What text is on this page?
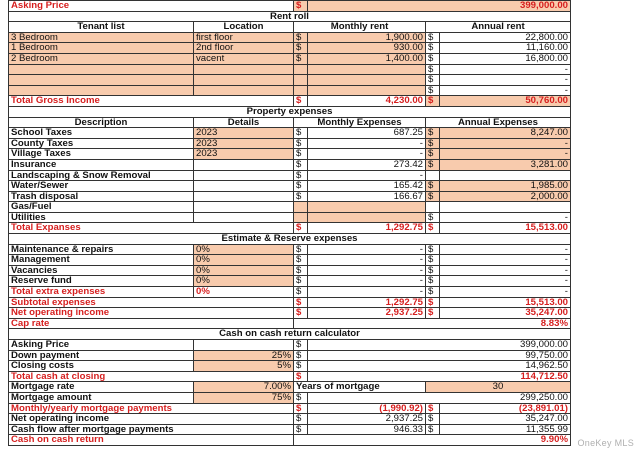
Asking Price		$	399,000.00		
Rent roll					
Tenant list	Location	Monthly rent		Annual rent	
3 Bedroom	first floor	$	1,900.00	$	22,800.00
1 Bedroom	2nd floor	$	930.00	$	11,160.00
2 Bedroom	vacent	$	1,400.00	$	16,800.00
				$	-
				$	-
				$	-
Total Gross Income		$	4,230.00	$	50,760.00
Property expenses					
Description	Details	Monthly Expenses		Annual Expenses	
School Taxes	2023	$	687.25	$	8,247.00
County Taxes	2023	$	-	$	-
Village Taxes	2023	$	-	$	-
Insurance		$	273.42	$	3,281.00
Landscaping & Snow Removal		$	-		
Water/Sewer		$	165.42	$	1,985.00
Trash disposal		$	166.67	$	2,000.00
Gas/Fuel					
Utilities				$	-
Total Expanses		$	1,292.75	$	15,513.00
Estimate & Reserve expenses					
Maintenance & repairs	0%	$	-	$	-
Management	0%	$	-	$	-
Vacancies	0%	$	-	$	-
Reserve fund	0%	$	-	$	-
Total extra expenses	0%	$	-	$	-
Subtotal expenses		$	1,292.75	$	15,513.00
Net operating income		$	2,937.25	$	35,247.00
Cap rate		8.83%			
Cash on cash return calculator					
Asking Price		$	399,000.00		
Down payment	25%	$	99,750.00		
Closing costs	5%	$	14,962.50		
Total cash at closing		$	114,712.50		
Mortgage rate	7.00%	Years of mortgage		30	
Mortgage amount	75%	$	299,250.00		
Monthly/yearly mortgage payments		$	(1,990.92)	$	(23,891.01)
Net operating income		$	2,937.25	$	35,247.00
Cash flow after mortgage payments		$	946.33	$	11,355.99
Cash on cash return		9.90%			OneKey MLS
